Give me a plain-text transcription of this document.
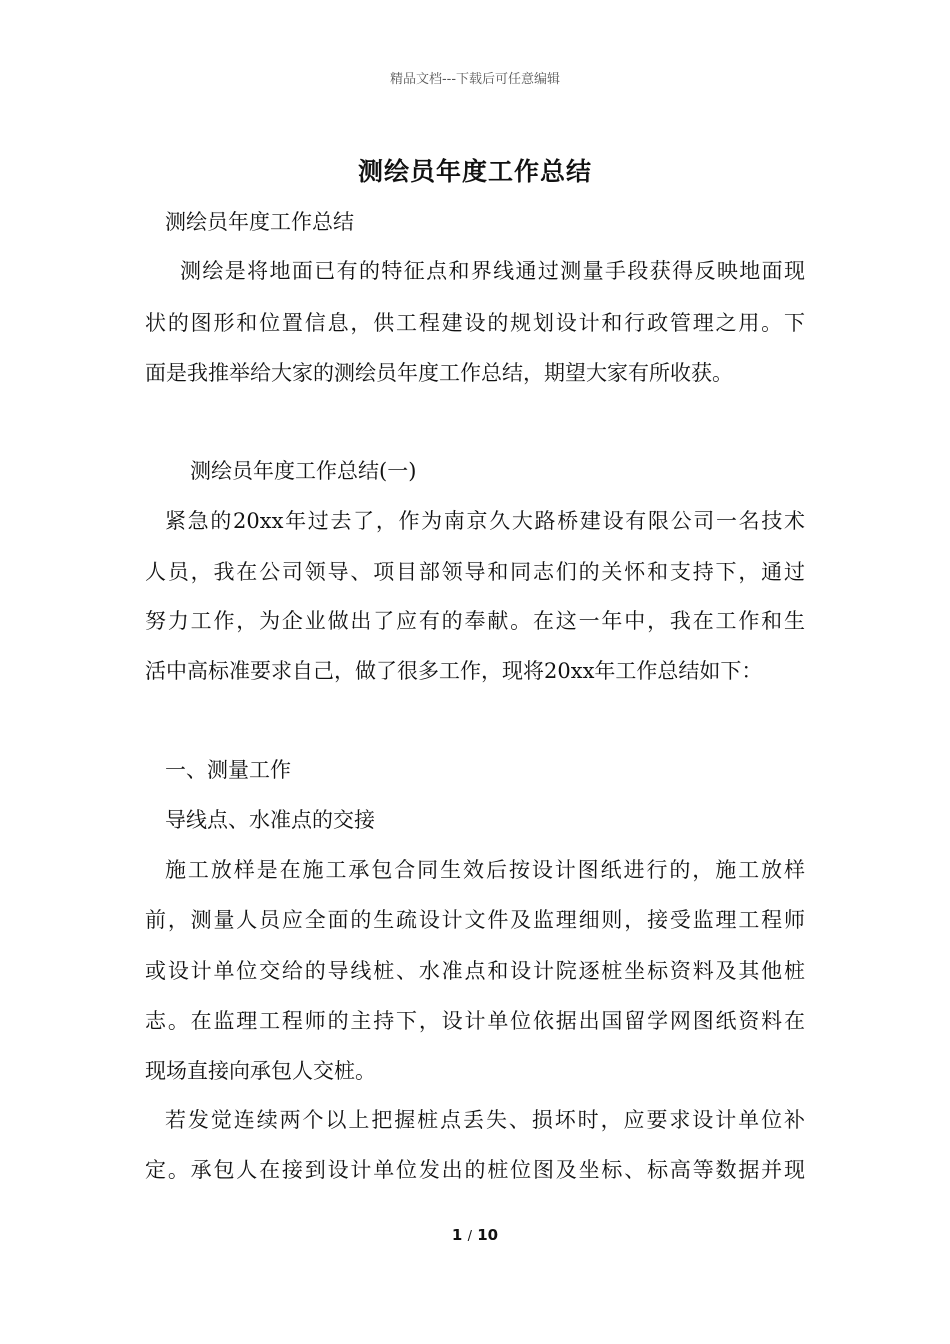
精品文档---下载后可任意编辑
测绘员年度工作总结
测绘员年度工作总结
测绘是将地面已有的特征点和界线通过测量手段获得反映地面现
状的图形和位置信息，供工程建设的规划设计和行政管理之用。下
面是我推举给大家的测绘员年度工作总结，期望大家有所收获。
测绘员年度工作总结(一)
紧急的20xx年过去了，作为南京久大路桥建设有限公司一名技术
人员，我在公司领导、项目部领导和同志们的关怀和支持下，通过
努力工作，为企业做出了应有的奉献。在这一年中，我在工作和生
活中高标准要求自己，做了很多工作，现将20xx年工作总结如下：
一、测量工作
导线点、水准点的交接
施工放样是在施工承包合同生效后按设计图纸进行的，施工放样
前，测量人员应全面的生疏设计文件及监理细则，接受监理工程师
或设计单位交给的导线桩、水准点和设计院逐桩坐标资料及其他桩
志。在监理工程师的主持下，设计单位依据出国留学网图纸资料在
现场直接向承包人交桩。
若发觉连续两个以上把握桩点丢失、损坏时，应要求设计单位补
定。承包人在接到设计单位发出的桩位图及坐标、标高等数据并现
1 / 10
